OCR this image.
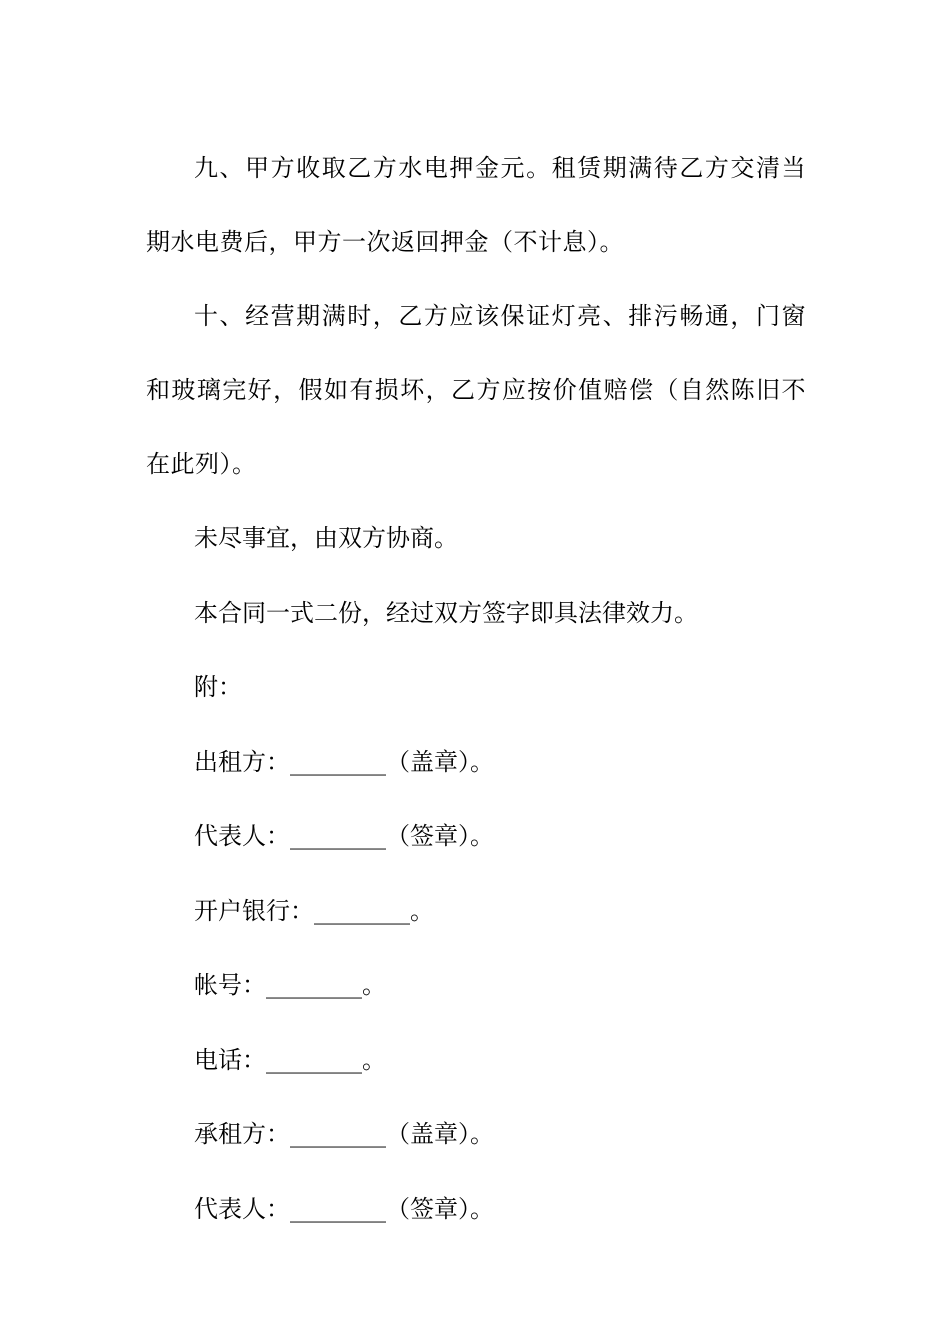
九、甲方收取乙方水电押金元。租赁期满待乙方交清当期水电费后，甲方一次返回押金（不计息）。

十、经营期满时，乙方应该保证灯亮、排污畅通，门窗和玻璃完好，假如有损坏，乙方应按价值赔偿（自然陈旧不在此列）。

未尽事宜，由双方协商。

本合同一式二份，经过双方签字即具法律效力。

附：

出租方：________（盖章）。

代表人：________（签章）。

开户银行：________。

帐号：________。

电话：________。

承租方：________（盖章）。

代表人：________（签章）。
